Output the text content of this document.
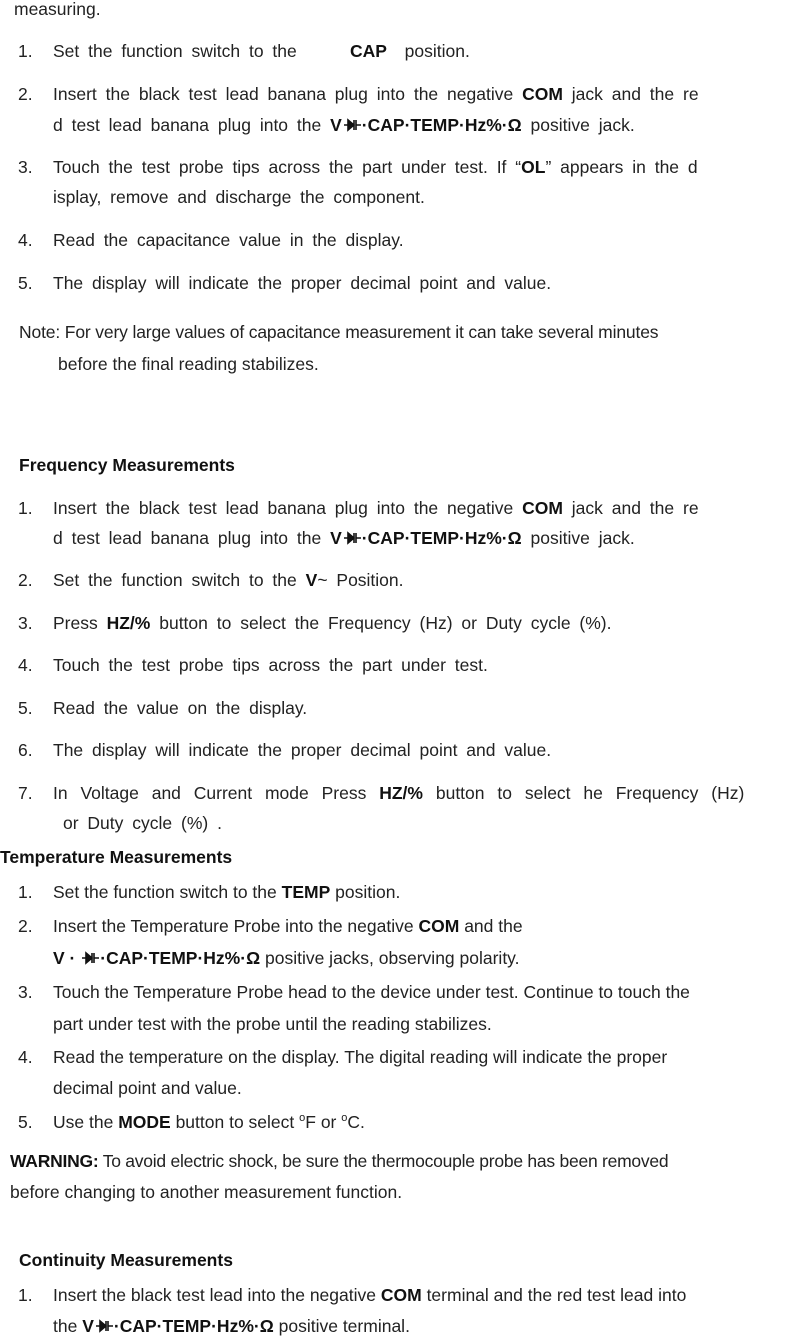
measuring.
1. Set the function switch to the	CAP position.
2. Insert the black test lead banana plug into the negative COM jack and the re
d test lead banana plug into the V ·CAP·TEMP·Hz%·Ω positive jack.
3. Touch the test probe tips across the part under test. If “OL” appears in the d
isplay, remove and discharge the component.
4. Read the capacitance value in the display.
5. The display will indicate the proper decimal point and value.
Note: For very large values of capacitance measurement it can take several minutes
before the final reading stabilizes.
Frequency Measurements
1. Insert the black test lead banana plug into the negative COM jack and the re
d test lead banana plug into the V ·CAP·TEMP·Hz%·Ω positive jack.
2. Set the function switch to the V~ Position.
3. Press HZ/% button to select the Frequency (Hz) or Duty cycle (%).
4. Touch the test probe tips across the part under test.
5. Read the value on the display.
6. The display will indicate the proper decimal point and value.
7. In Voltage and Current mode Press HZ/% button to select he Frequency (Hz)
or Duty cycle (%) .
Temperature Measurements
1. Set the function switch to the TEMP position.
2. Insert the Temperature Probe into the negative COM and the
V · ·CAP·TEMP·Hz%·Ω positive jacks, observing polarity.
3. Touch the Temperature Probe head to the device under test. Continue to touch the
part under test with the probe until the reading stabilizes.
4. Read the temperature on the display. The digital reading will indicate the proper
decimal point and value.
5. Use the MODE button to select $^o$F or $^o$C.
WARNING: To avoid electric shock, be sure the thermocouple probe has been removed
before changing to another measurement function.
Continuity Measurements
1. Insert the black test lead into the negative COM terminal and the red test lead into
the V ·CAP·TEMP·Hz%·Ω positive terminal.
